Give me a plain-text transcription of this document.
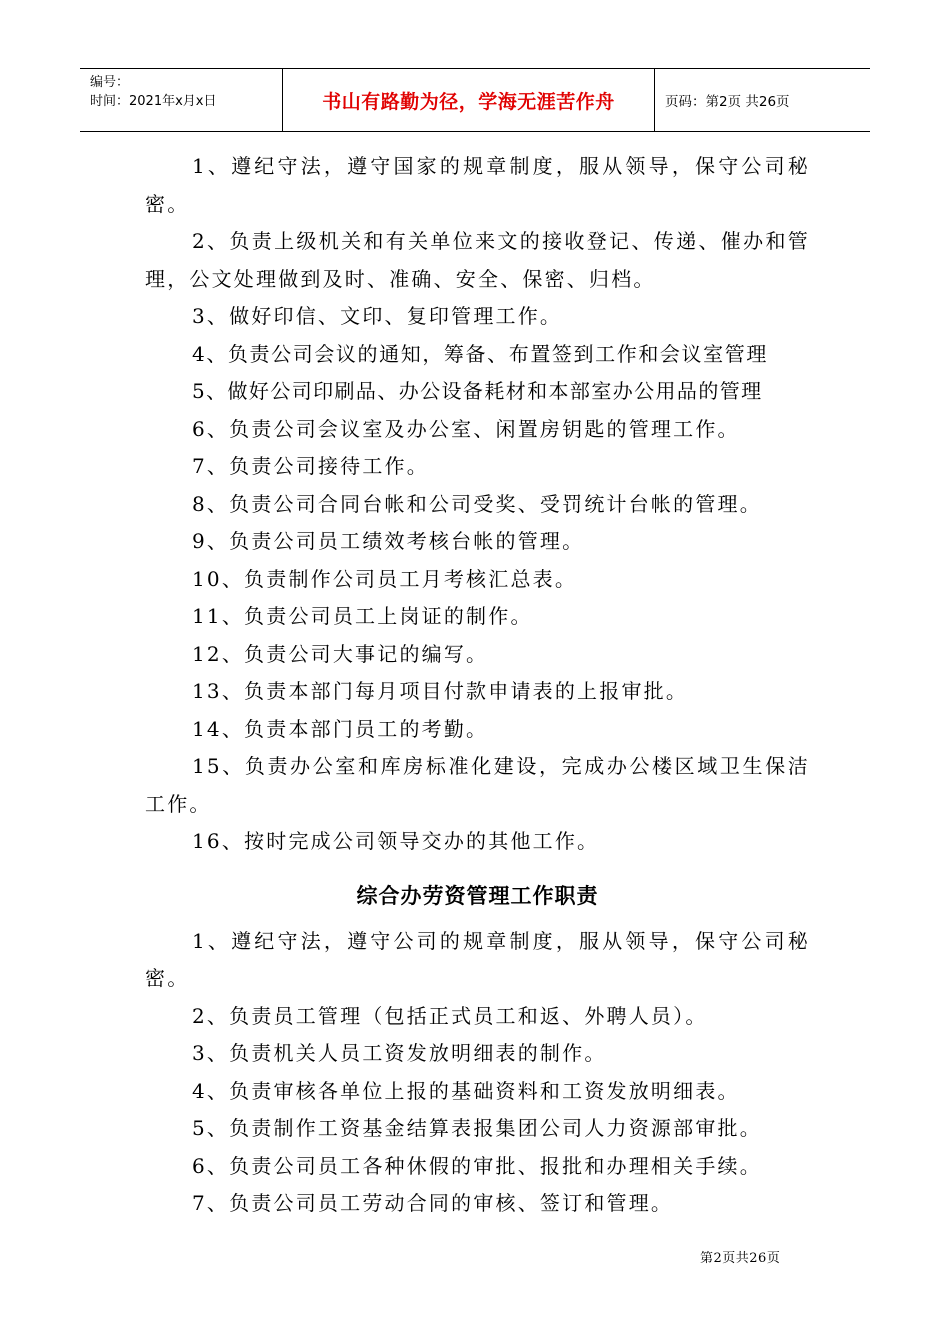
编号：
时间：2021年x月x日	书山有路勤为径，学海无涯苦作舟	页码：第2页 共26页

1、遵纪守法，遵守国家的规章制度，服从领导，保守公司秘密。

2、负责上级机关和有关单位来文的接收登记、传递、催办和管理，公文处理做到及时、准确、安全、保密、归档。

3、做好印信、文印、复印管理工作。

4、负责公司会议的通知，筹备、布置签到工作和会议室管理

5、做好公司印刷品、办公设备耗材和本部室办公用品的管理

6、负责公司会议室及办公室、闲置房钥匙的管理工作。

7、负责公司接待工作。

8、负责公司合同台帐和公司受奖、受罚统计台帐的管理。

9、负责公司员工绩效考核台帐的管理。

10、负责制作公司员工月考核汇总表。

11、负责公司员工上岗证的制作。

12、负责公司大事记的编写。

13、负责本部门每月项目付款申请表的上报审批。

14、负责本部门员工的考勤。

15、负责办公室和库房标准化建设，完成办公楼区域卫生保洁工作。

16、按时完成公司领导交办的其他工作。

综合办劳资管理工作职责

1、遵纪守法，遵守公司的规章制度，服从领导，保守公司秘密。

2、负责员工管理（包括正式员工和返、外聘人员）。

3、负责机关人员工资发放明细表的制作。

4、负责审核各单位上报的基础资料和工资发放明细表。

5、负责制作工资基金结算表报集团公司人力资源部审批。

6、负责公司员工各种休假的审批、报批和办理相关手续。

7、负责公司员工劳动合同的审核、签订和管理。

第2页共26页
